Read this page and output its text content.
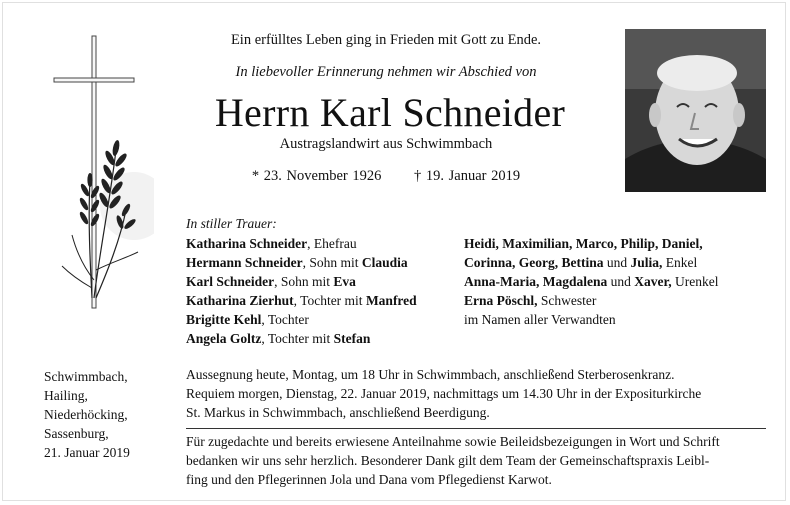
Ein erfülltes Leben ging in Frieden mit Gott zu Ende.
In liebevoller Erinnerung nehmen wir Abschied von
Herrn Karl Schneider
Austragslandwirt aus Schwimmbach
* 23. November 1926 † 19. Januar 2019
In stiller Trauer:
Katharina Schneider, Ehefrau
Hermann Schneider, Sohn mit Claudia
Karl Schneider, Sohn mit Eva
Katharina Zierhut, Tochter mit Manfred
Brigitte Kehl, Tochter
Angela Goltz, Tochter mit Stefan
Heidi, Maximilian, Marco, Philip, Daniel,
Corinna, Georg, Bettina und Julia, Enkel
Anna-Maria, Magdalena und Xaver, Urenkel
Erna Pöschl, Schwester
im Namen aller Verwandten
Schwimmbach,
Hailing,
Niederhöcking,
Sassenburg,
21. Januar 2019
Aussegnung heute, Montag, um 18 Uhr in Schwimmbach, anschließend Sterberosenkranz.
Requiem morgen, Dienstag, 22. Januar 2019, nachmittags um 14.30 Uhr in der Expositurkirche
St. Markus in Schwimmbach, anschließend Beerdigung.
Für zugedachte und bereits erwiesene Anteilnahme sowie Beileidsbezeigungen in Wort und Schrift
bedanken wir uns sehr herzlich. Besonderer Dank gilt dem Team der Gemeinschaftspraxis Leibl-
fing und den Pflegerinnen Jola und Dana vom Pflegedienst Karwot.
